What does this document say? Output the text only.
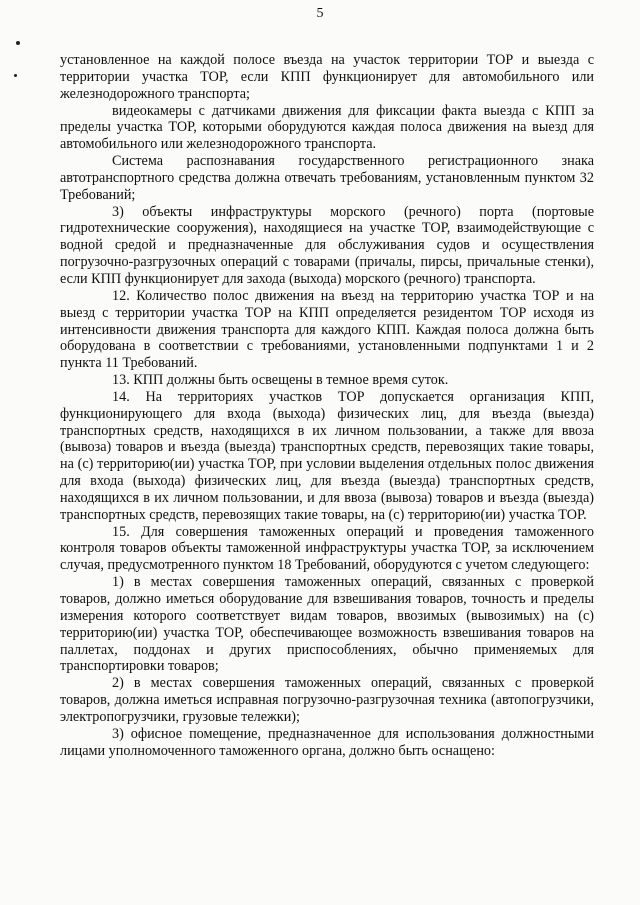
5

установленное на каждой полосе въезда на участок территории ТОР и выезда с территории участка ТОР, если КПП функционирует для автомобильного или железнодорожного транспорта;

видеокамеры с датчиками движения для фиксации факта выезда с КПП за пределы участка ТОР, которыми оборудуются каждая полоса движения на выезд для автомобильного или железнодорожного транспорта.

Система распознавания государственного регистрационного знака автотранспортного средства должна отвечать требованиям, установленным пунктом 32 Требований;

3) объекты инфраструктуры морского (речного) порта (портовые гидротехнические сооружения), находящиеся на участке ТОР, взаимодействующие с водной средой и предназначенные для обслуживания судов и осуществления погрузочно-разгрузочных операций с товарами (причалы, пирсы, причальные стенки), если КПП функционирует для захода (выхода) морского (речного) транспорта.

12. Количество полос движения на въезд на территорию участка ТОР и на выезд с территории участка ТОР на КПП определяется резидентом ТОР исходя из интенсивности движения транспорта для каждого КПП. Каждая полоса должна быть оборудована в соответствии с требованиями, установленными подпунктами 1 и 2 пункта 11 Требований.

13. КПП должны быть освещены в темное время суток.

14. На территориях участков ТОР допускается организация КПП, функционирующего для входа (выхода) физических лиц, для въезда (выезда) транспортных средств, находящихся в их личном пользовании, а также для ввоза (вывоза) товаров и въезда (выезда) транспортных средств, перевозящих такие товары, на (с) территорию(ии) участка ТОР, при условии выделения отдельных полос движения для входа (выхода) физических лиц, для въезда (выезда) транспортных средств, находящихся в их личном пользовании, и для ввоза (вывоза) товаров и въезда (выезда) транспортных средств, перевозящих такие товары, на (с) территорию(ии) участка ТОР.

15. Для совершения таможенных операций и проведения таможенного контроля товаров объекты таможенной инфраструктуры участка ТОР, за исключением случая, предусмотренного пунктом 18 Требований, оборудуются с учетом следующего:

1) в местах совершения таможенных операций, связанных с проверкой товаров, должно иметься оборудование для взвешивания товаров, точность и пределы измерения которого соответствует видам товаров, ввозимых (вывозимых) на (с) территорию(ии) участка ТОР, обеспечивающее возможность взвешивания товаров на паллетах, поддонах и других приспособлениях, обычно применяемых для транспортировки товаров;

2) в местах совершения таможенных операций, связанных с проверкой товаров, должна иметься исправная погрузочно-разгрузочная техника (автопогрузчики, электропогрузчики, грузовые тележки);

3) офисное помещение, предназначенное для использования должностными лицами уполномоченного таможенного органа, должно быть оснащено:
